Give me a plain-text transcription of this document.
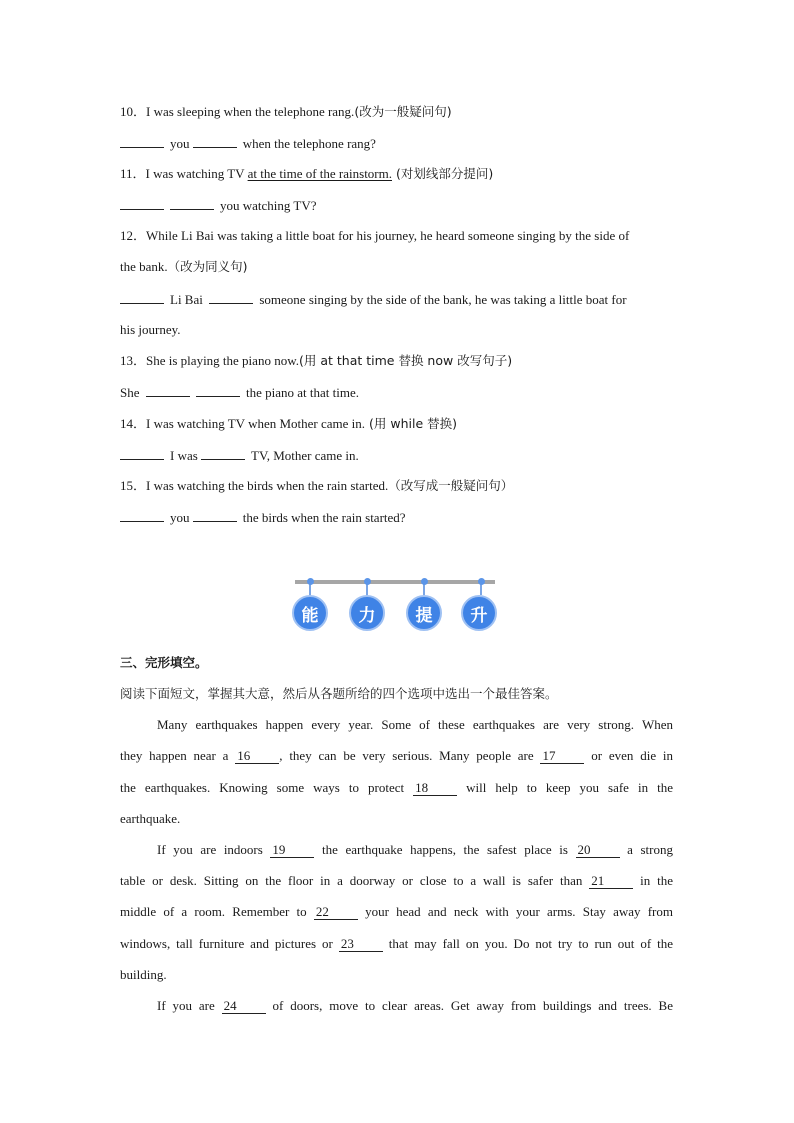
10．I was sleeping when the telephone rang.(改为一般疑问句)
you	when the telephone rang?
11．I was watching TV at the time of the rainstorm. (对划线部分提问)
you watching TV?
12．While Li Bai was taking a little boat for his journey, he heard someone singing by the side of
the bank.（改为同义句)
Li Bai	someone singing by the side of the bank, he was taking a little boat for
his journey.
13．She is playing the piano now.(用 at that time 替换 now 改写句子)
She	the piano at that time.
14．I was watching TV when Mother came in. (用 while 替换)
I was	TV, Mother came in.
15．I was watching the birds when the rain started.（改写成一般疑问句）
you	the birds when the rain started?
能	力	提	升
三、完形填空。
阅读下面短文，掌握其大意，然后从各题所给的四个选项中选出一个最佳答案。
Many earthquakes happen every year. Some of these earthquakes are very strong. When
they happen near a 16 , they can be very serious. Many people are 17 or even die in
the earthquakes. Knowing some ways to protect 18 will help to keep you safe in the
earthquake.
If you are indoors 19 the earthquake happens, the safest place is 20 a strong
table or desk. Sitting on the floor in a doorway or close to a wall is safer than 21 in the
middle of a room. Remember to 22 your head and neck with your arms. Stay away from
windows, tall furniture and pictures or 23 that may fall on you. Do not try to run out of the
building.
If you are 24 of doors, move to clear areas. Get away from buildings and trees. Be
